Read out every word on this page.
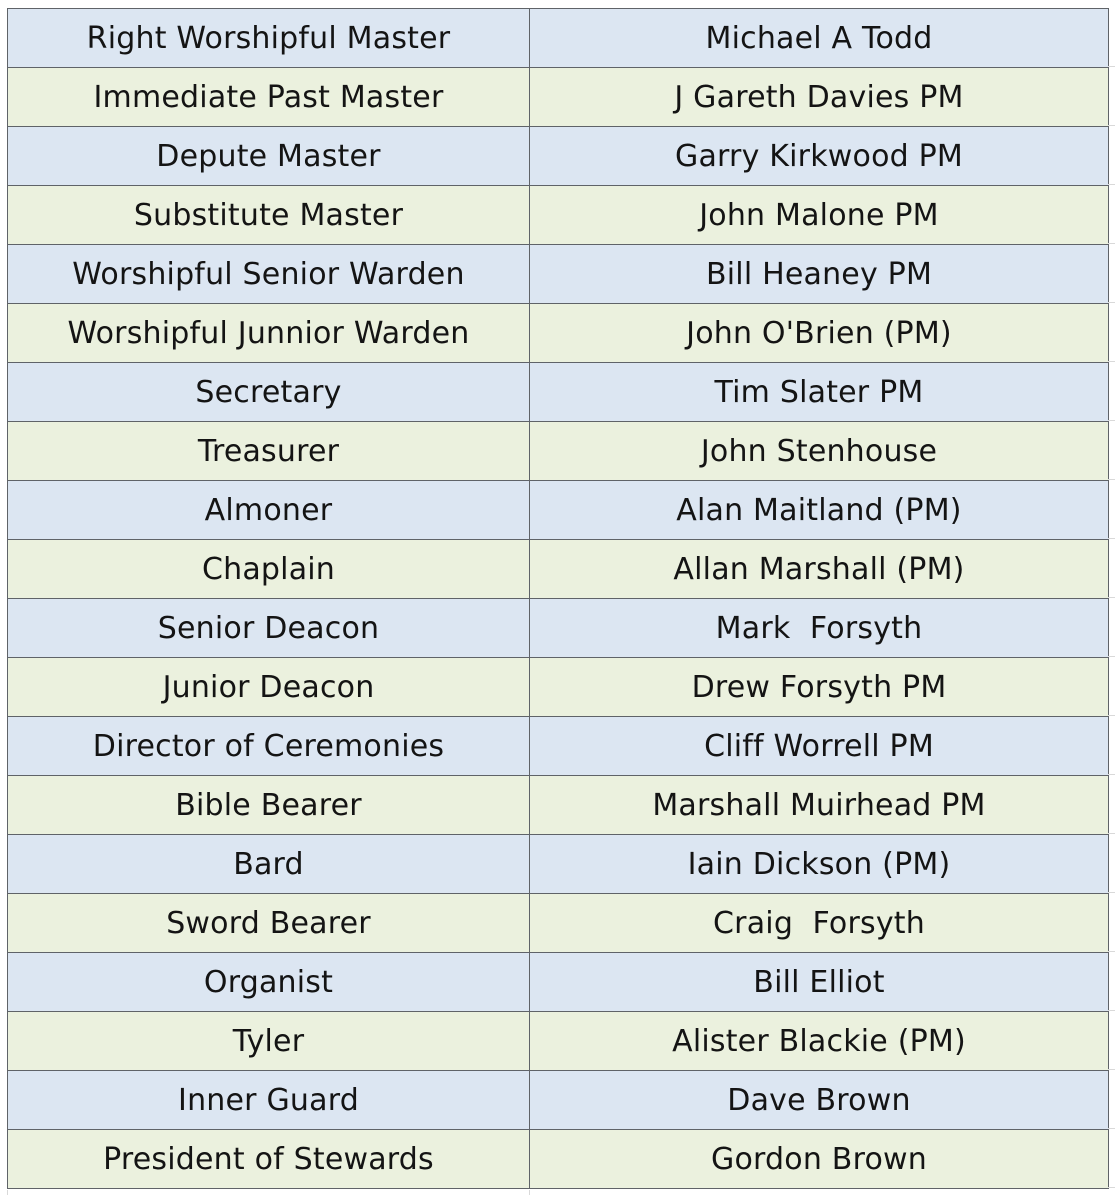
Right Worshipful Master	Michael A Todd
Immediate Past Master	J Gareth Davies PM
Depute Master	Garry Kirkwood PM
Substitute Master	John Malone PM
Worshipful Senior Warden	Bill Heaney PM
Worshipful Junnior Warden	John O'Brien (PM)
Secretary	Tim Slater PM
Treasurer	John Stenhouse
Almoner	Alan Maitland (PM)
Chaplain	Allan Marshall (PM)
Senior Deacon	Mark  Forsyth
Junior Deacon	Drew Forsyth PM
Director of Ceremonies	Cliff Worrell PM
Bible Bearer	Marshall Muirhead PM
Bard	Iain Dickson (PM)
Sword Bearer	Craig  Forsyth
Organist	Bill Elliot
Tyler	Alister Blackie (PM)
Inner Guard	Dave Brown
President of Stewards	Gordon Brown
